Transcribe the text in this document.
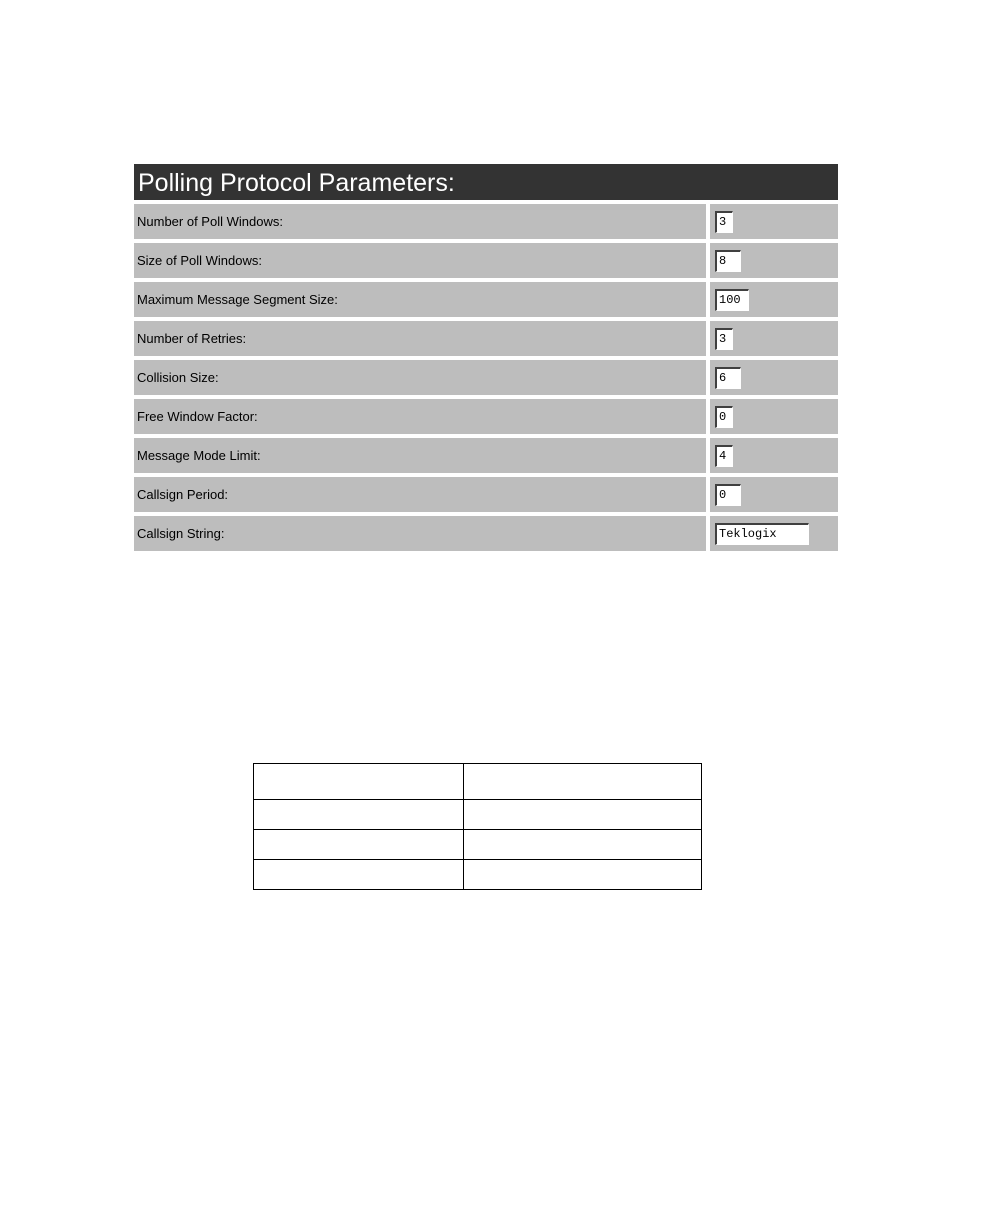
Polling Protocol Parameters:
Number of Poll Windows:	3
Size of Poll Windows:	8
Maximum Message Segment Size:	100
Number of Retries:	3
Collision Size:	6
Free Window Factor:	0
Message Mode Limit:	4
Callsign Period:	0
Callsign String:	Teklogix
